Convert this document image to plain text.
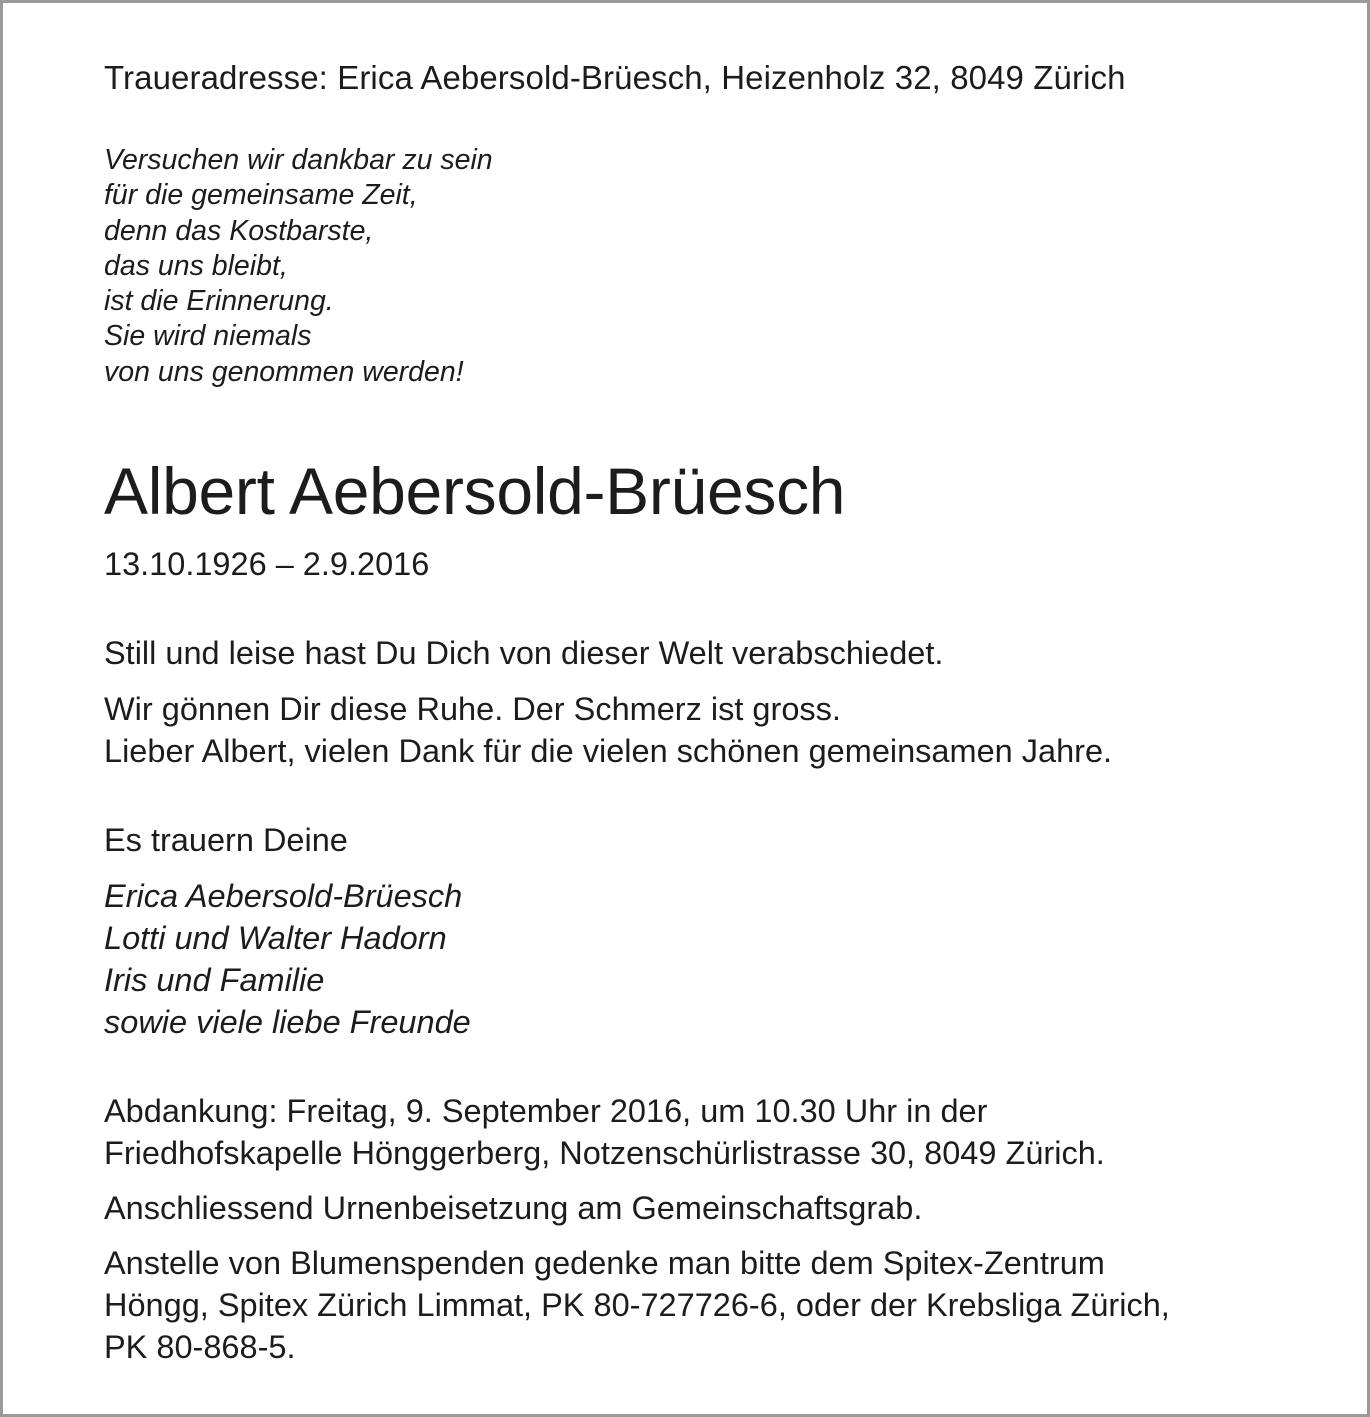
Traueradresse: Erica Aebersold-Brüesch, Heizenholz 32, 8049 Zürich

Versuchen wir dankbar zu sein
für die gemeinsame Zeit,
denn das Kostbarste,
das uns bleibt,
ist die Erinnerung.
Sie wird niemals
von uns genommen werden!
Albert Aebersold-Brüesch

13.10.1926 – 2.9.2016

Still und leise hast Du Dich von dieser Welt verabschiedet.
Wir gönnen Dir diese Ruhe. Der Schmerz ist gross.
Lieber Albert, vielen Dank für die vielen schönen gemeinsamen Jahre.
Es trauern Deine
Erica Aebersold-Brüesch
Lotti und Walter Hadorn
Iris und Familie
sowie viele liebe Freunde
Abdankung: Freitag, 9. September 2016, um 10.30 Uhr in der
Friedhofskapelle Hönggerberg, Notzenschürlistrasse 30, 8049 Zürich.
Anschliessend Urnenbeisetzung am Gemeinschaftsgrab.
Anstelle von Blumenspenden gedenke man bitte dem Spitex-Zentrum
Höngg, Spitex Zürich Limmat, PK 80-727726-6, oder der Krebsliga Zürich,
PK 80-868-5.
